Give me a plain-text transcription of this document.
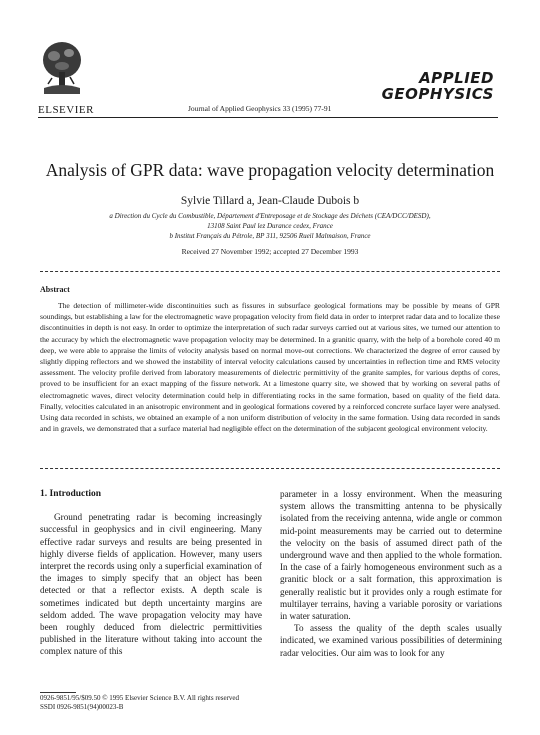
ELSEVIER	Journal of Applied Geophysics 33 (1995) 77-91
APPLIED
GEOPHYSICS
Analysis of GPR data: wave propagation velocity determination
Sylvie Tillard a, Jean-Claude Dubois b
a Direction du Cycle du Combustible, Département d'Entreposage et de Stockage des Déchets (CEA/DCC/DESD),
13108 Saint Paul lez Durance cedex, France
b Institut Français du Pétrole, BP 311, 92506 Rueil Malmaison, France
Received 27 November 1992; accepted 27 December 1993
Abstract

The detection of millimeter-wide discontinuities such as fissures in subsurface geological formations may be possible by means of GPR soundings, but establishing a law for the electromagnetic wave propagation velocity from field data in order to interpret radar data and to localize these discontinuities in depth is not easy. In order to optimize the interpretation of such radar surveys carried out at various sites, we turned our attention to the accuracy by which the electromagnetic wave propagation velocity may be determined. In a granitic quarry, with the help of a borehole cored 40 m deep, we were able to appraise the limits of velocity analysis based on normal move-out corrections. We characterized the degree of error caused by slightly dipping reflectors and we showed the instability of interval velocity calculations caused by uncertainties in reflection time and RMS velocity assessment. The velocity profile derived from laboratory measurements of dielectric permittivity of the granite samples, for various depths of cores, proved to be insufficient for an exact mapping of the fissure network. At a limestone quarry site, we showed that by working on several paths of electromagnetic waves, direct velocity determination could help in differentiating rocks in the same formation, based on quality of the field data. Finally, velocities calculated in an anisotropic environment and in geological formations covered by a reinforced concrete surface layer were analysed. Using data recorded in schists, we obtained an example of a non uniform distribution of velocity in the same formation. Using data recorded in sands and in gravels, we demonstrated that a surface material had negligible effect on the determination of the subjacent geological environment velocity.

1. Introduction

Ground penetrating radar is becoming increasingly successful in geophysics and in civil engineering. Many effective radar surveys and results are being presented in highly diverse fields of application. However, many users interpret the records using only a superficial examination of the images to simply specify that an object has been detected or that a reflector exists. A depth scale is sometimes indicated but depth uncertainty margins are seldom added. The wave propagation velocity may have been roughly deduced from dielectric permittivities published in the literature without taking into account the complex nature of this

parameter in a lossy environment. When the measuring system allows the transmitting antenna to be physically isolated from the receiving antenna, wide angle or common mid-point measurements may be carried out to determine the velocity on the basis of assumed direct path of the underground wave and then applied to the whole formation. In the case of a fairly homogeneous environment such as a granitic block or a salt formation, this approximation is generally realistic but it provides only a rough estimate for multilayer terrains, having a variable porosity or variations in water saturation.

To assess the quality of the depth scales usually indicated, we examined various possibilities of determining radar velocities. Our aim was to look for any

0926-9851/95/$09.50 © 1995 Elsevier Science B.V. All rights reserved
SSDI 0926-9851(94)00023-B
